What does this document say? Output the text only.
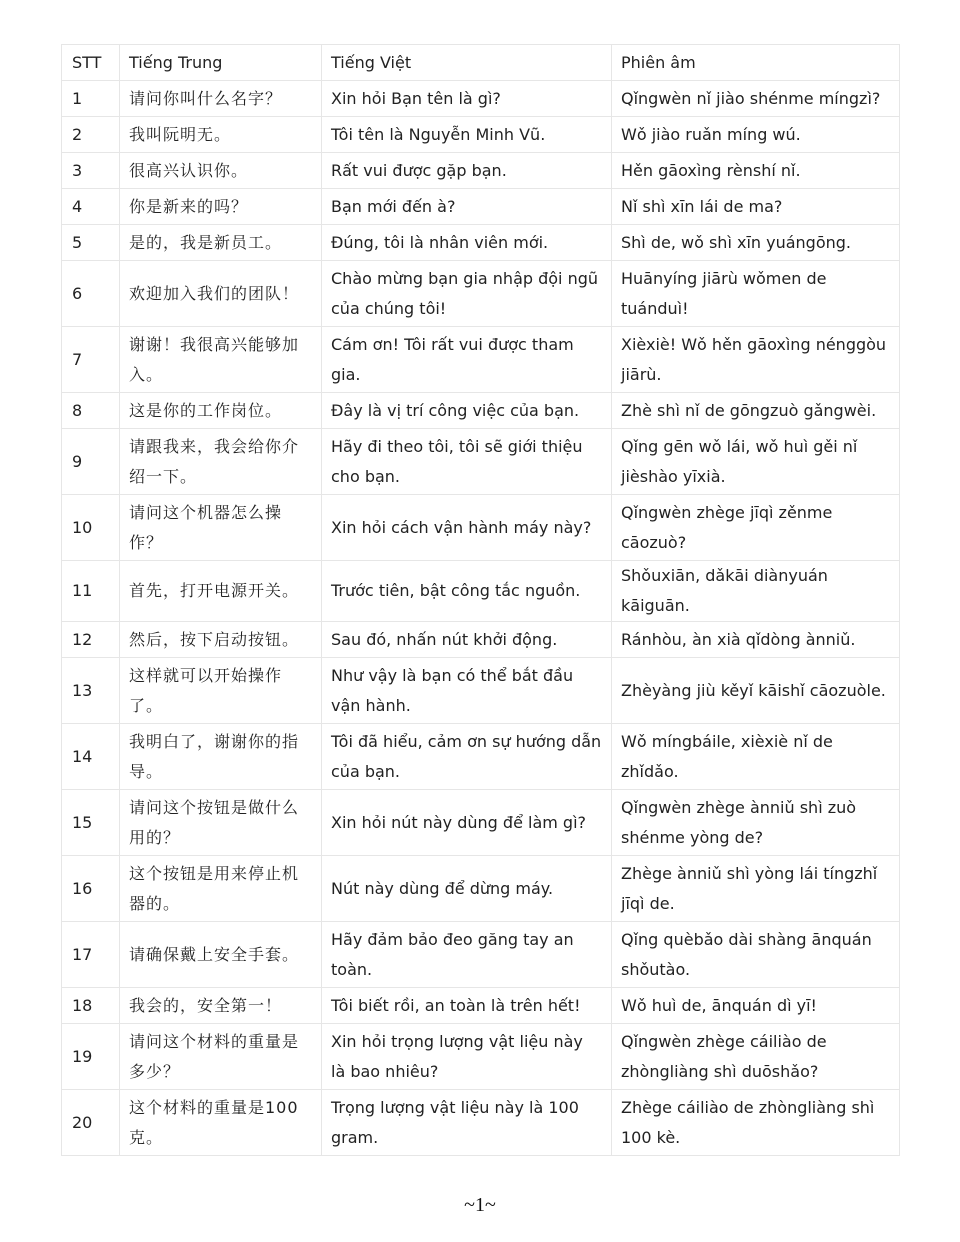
STT	Tiếng Trung	Tiếng Việt	Phiên âm
1	请问你叫什么名字？	Xin hỏi Bạn tên là gì?	Qǐngwèn nǐ jiào shénme míngzì?
2	我叫阮明无。	Tôi tên là Nguyễn Minh Vũ.	Wǒ jiào ruǎn míng wú.
3	很高兴认识你。	Rất vui được gặp bạn.	Hěn gāoxìng rènshí nǐ.
4	你是新来的吗？	Bạn mới đến à?	Nǐ shì xīn lái de ma?
5	是的，我是新员工。	Đúng, tôi là nhân viên mới.	Shì de, wǒ shì xīn yuángōng.
6	欢迎加入我们的团队！	Chào mừng bạn gia nhập đội ngũ của chúng tôi!	Huānyíng jiārù wǒmen de tuánduì!
7	谢谢！我很高兴能够加入。	Cám ơn! Tôi rất vui được tham gia.	Xièxiè! Wǒ hěn gāoxìng nénggòu jiārù.
8	这是你的工作岗位。	Đây là vị trí công việc của bạn.	Zhè shì nǐ de gōngzuò gǎngwèi.
9	请跟我来，我会给你介绍一下。	Hãy đi theo tôi, tôi sẽ giới thiệu cho bạn.	Qǐng gēn wǒ lái, wǒ huì gěi nǐ jièshào yīxià.
10	请问这个机器怎么操作？	Xin hỏi cách vận hành máy này?	Qǐngwèn zhège jīqì zěnme cāozuò?
11	首先，打开电源开关。	Trước tiên, bật công tắc nguồn.	Shǒuxiān, dǎkāi diànyuán kāiguān.
12	然后，按下启动按钮。	Sau đó, nhấn nút khởi động.	Ránhòu, àn xià qǐdòng ànniǔ.
13	这样就可以开始操作了。	Như vậy là bạn có thể bắt đầu vận hành.	Zhèyàng jiù kěyǐ kāishǐ cāozuòle.
14	我明白了，谢谢你的指导。	Tôi đã hiểu, cảm ơn sự hướng dẫn của bạn.	Wǒ míngbáile, xièxiè nǐ de zhǐdǎo.
15	请问这个按钮是做什么用的？	Xin hỏi nút này dùng để làm gì?	Qǐngwèn zhège ànniǔ shì zuò shénme yòng de?
16	这个按钮是用来停止机器的。	Nút này dùng để dừng máy.	Zhège ànniǔ shì yòng lái tíngzhǐ jīqì de.
17	请确保戴上安全手套。	Hãy đảm bảo đeo găng tay an toàn.	Qǐng quèbǎo dài shàng ānquán shǒutào.
18	我会的，安全第一！	Tôi biết rồi, an toàn là trên hết!	Wǒ huì de, ānquán dì yī!
19	请问这个材料的重量是多少？	Xin hỏi trọng lượng vật liệu này là bao nhiêu?	Qǐngwèn zhège cáiliào de zhòngliàng shì duōshǎo?
20	这个材料的重量是100克。	Trọng lượng vật liệu này là 100 gram.	Zhège cáiliào de zhòngliàng shì 100 kè.
~1~
